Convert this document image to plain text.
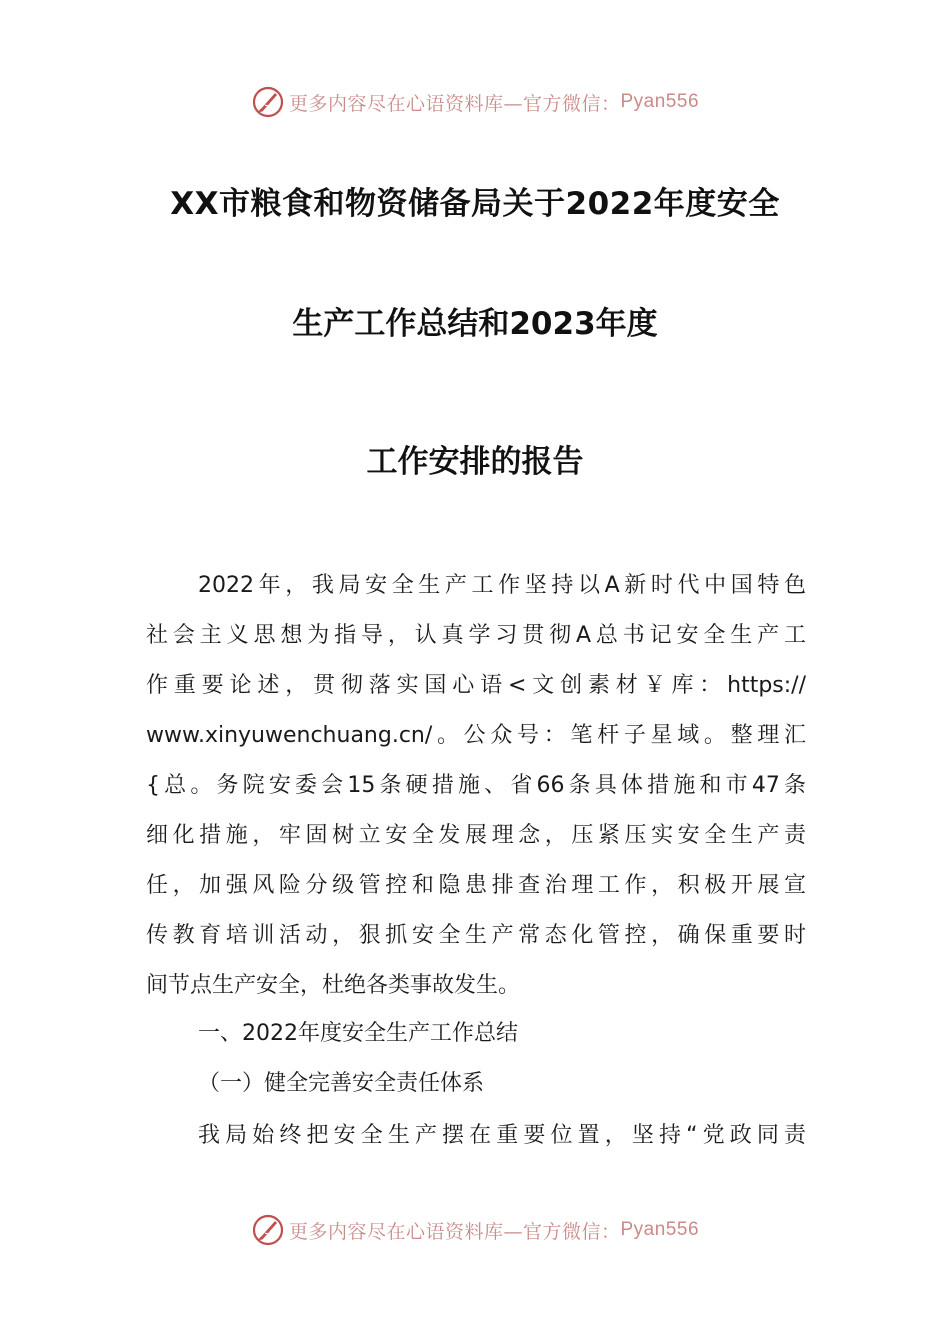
更多内容尽在心语资料库—官方微信： Pyan556
XX市粮食和物资储备局关于2022年度安全
生产工作总结和2023年度
工作安排的报告
2022年，我局安全生产工作坚持以A新时代中国特色
社会主义思想为指导，认真学习贯彻A总书记安全生产工
作重要论述，贯彻落实国心语<文创素材￥库：https://
www.xinyuwenchuang.cn/。公众号：笔杆子星域。整理汇
{总。务院安委会15条硬措施、省66条具体措施和市47条
细化措施，牢固树立安全发展理念，压紧压实安全生产责
任，加强风险分级管控和隐患排查治理工作，积极开展宣
传教育培训活动，狠抓安全生产常态化管控，确保重要时
间节点生产安全，杜绝各类事故发生。
一、2022年度安全生产工作总结
（一）健全完善安全责任体系
我局始终把安全生产摆在重要位置，坚持“党政同责
更多内容尽在心语资料库—官方微信： Pyan556
